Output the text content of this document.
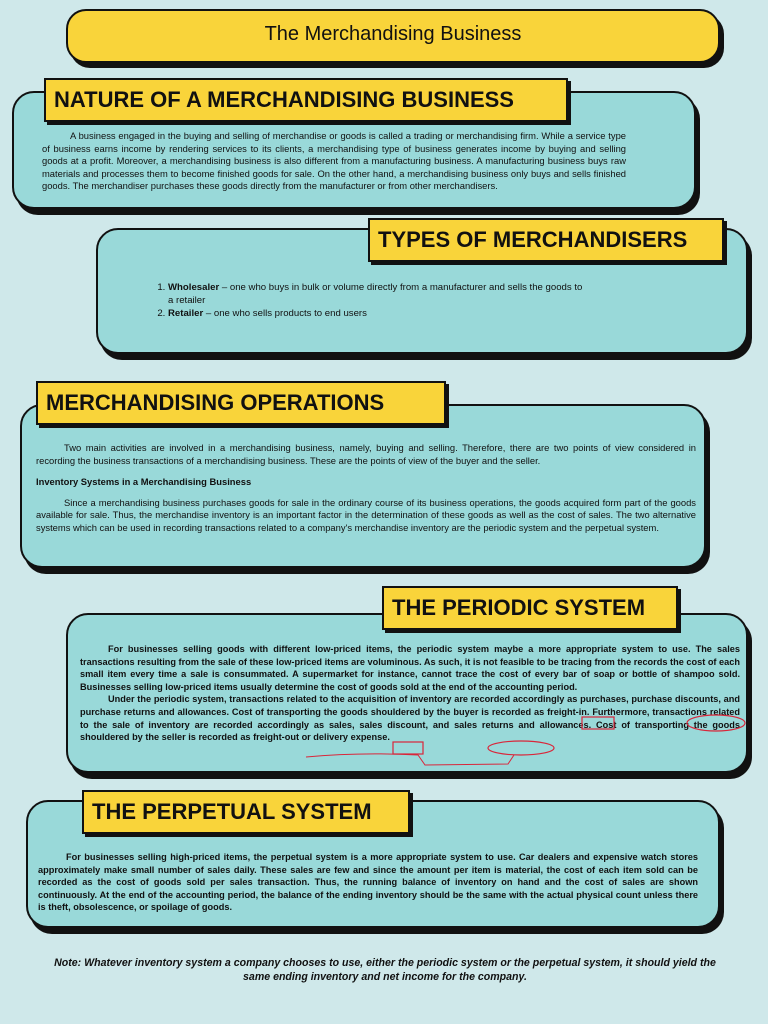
The Merchandising Business
NATURE OF A MERCHANDISING BUSINESS

A business engaged in the buying and selling of merchandise or goods is called a trading or merchandising firm. While a service type of business earns income by rendering services to its clients, a merchandising type of business generates income by buying and selling goods at a profit. Moreover, a merchandising business is also different from a manufacturing business. A manufacturing business buys raw materials and processes them to become finished goods for sale. On the other hand, a merchandising business only buys and sells finished goods. The merchandiser purchases these goods directly from the manufacturer or from other merchandisers.

TYPES OF MERCHANDISERS
1. Wholesaler – one who buys in bulk or volume directly from a manufacturer and sells the goods to a retailer
2. Retailer – one who sells products to end users
MERCHANDISING OPERATIONS

Two main activities are involved in a merchandising business, namely, buying and selling. Therefore, there are two points of view considered in recording the business transactions of a merchandising business. These are the points of view of the buyer and the seller.

Inventory Systems in a Merchandising Business

Since a merchandising business purchases goods for sale in the ordinary course of its business operations, the goods acquired form part of the goods available for sale. Thus, the merchandise inventory is an important factor in the determination of these goods as well as the cost of sales. The two alternative systems which can be used in recording transactions related to a company's merchandise inventory are the periodic system and the perpetual system.

THE PERIODIC SYSTEM

For businesses selling goods with different low-priced items, the periodic system maybe a more appropriate system to use. The sales transactions resulting from the sale of these low-priced items are voluminous. As such, it is not feasible to be tracing from the records the cost of each small item every time a sale is consummated. A supermarket for instance, cannot trace the cost of every bar of soap or bottle of shampoo sold. Businesses selling low-priced items usually determine the cost of goods sold at the end of the accounting period.

Under the periodic system, transactions related to the acquisition of inventory are recorded accordingly as purchases, purchase discounts, and purchase returns and allowances. Cost of transporting the goods shouldered by the buyer is recorded as freight-in. Furthermore, transactions related to the sale of inventory are recorded accordingly as sales, sales discount, and sales returns and allowances. Cost of transporting the goods shouldered by the seller is recorded as freight-out or delivery expense.

THE PERPETUAL SYSTEM

For businesses selling high-priced items, the perpetual system is a more appropriate system to use. Car dealers and expensive watch stores approximately make small number of sales daily. These sales are few and since the amount per item is material, the cost of each item sold can be recorded as the cost of goods sold per sales transaction. Thus, the running balance of inventory on hand and the cost of sales are shown continuously. At the end of the accounting period, the balance of the ending inventory should be the same with the actual physical count unless there is theft, obsolescence, or spoilage of goods.

Note: Whatever inventory system a company chooses to use, either the periodic system or the perpetual system, it should yield the same ending inventory and net income for the company.
